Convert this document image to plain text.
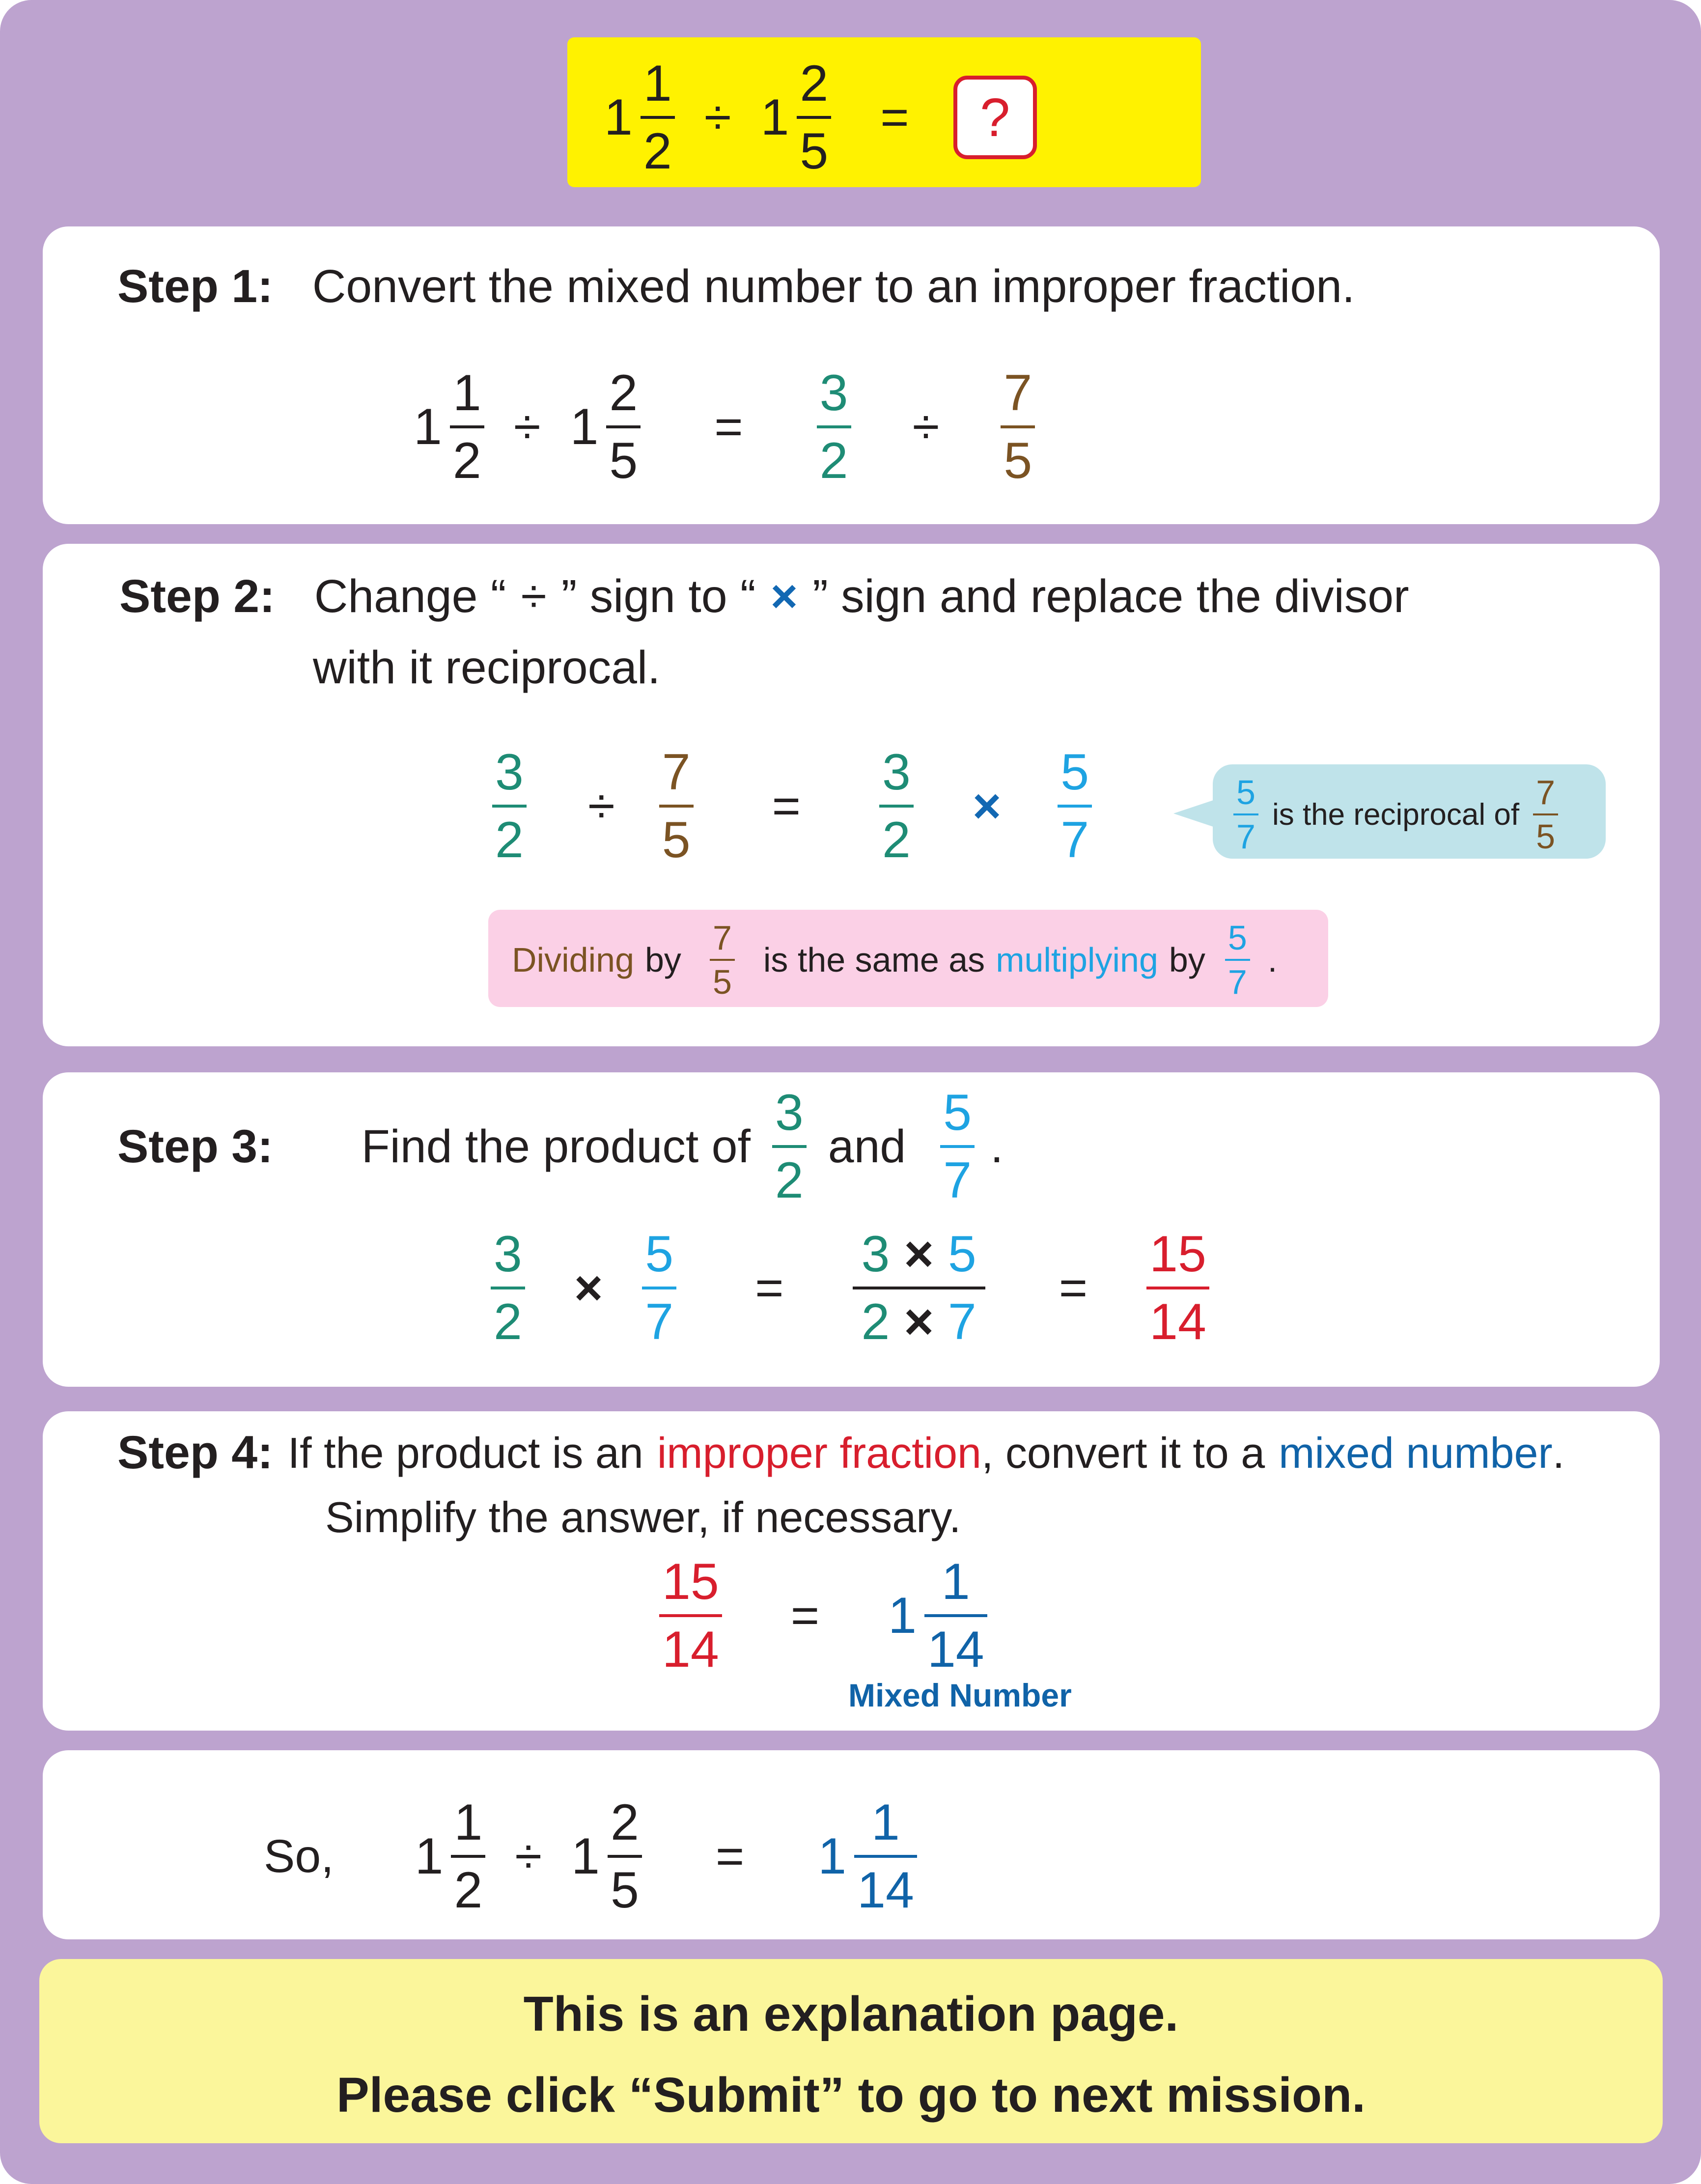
$1 \frac{1}{2} \div 1 \frac{2}{5}$ = ?
Step 1: Convert the mixed number to an improper fraction.
$1 \frac{1}{2} \div 1 \frac{2}{5} = \frac{3}{2} \div \frac{7}{5}$
Step 2: Change “ ÷ ” sign to “ × ” sign and replace the divisor
with it reciprocal.
$\frac{3}{2} \div \frac{7}{5} = \frac{3}{2} \times \frac{5}{7}$	5
7
is the reciprocal of
7
5
Dividing by
7
5
is the same as multiplying by
5
7
.
Step 3: Find the product of
3
2
and
5
7
.
$\frac{3}{2} \times \frac{5}{7} = \frac{3 \times 5}{2 \times 7} = \frac{15}{14}$
Step 4: If the product is an improper fraction , convert it to a mixed number .
Simplify the answer, if necessary.
$\frac{15}{14} = 1$
1
14
Mixed Number
So, $1 \frac{1}{2} \div 1 \frac{2}{5} = 1$
1
14
This is an explanation page.
Please click “Submit” to go to next mission.
